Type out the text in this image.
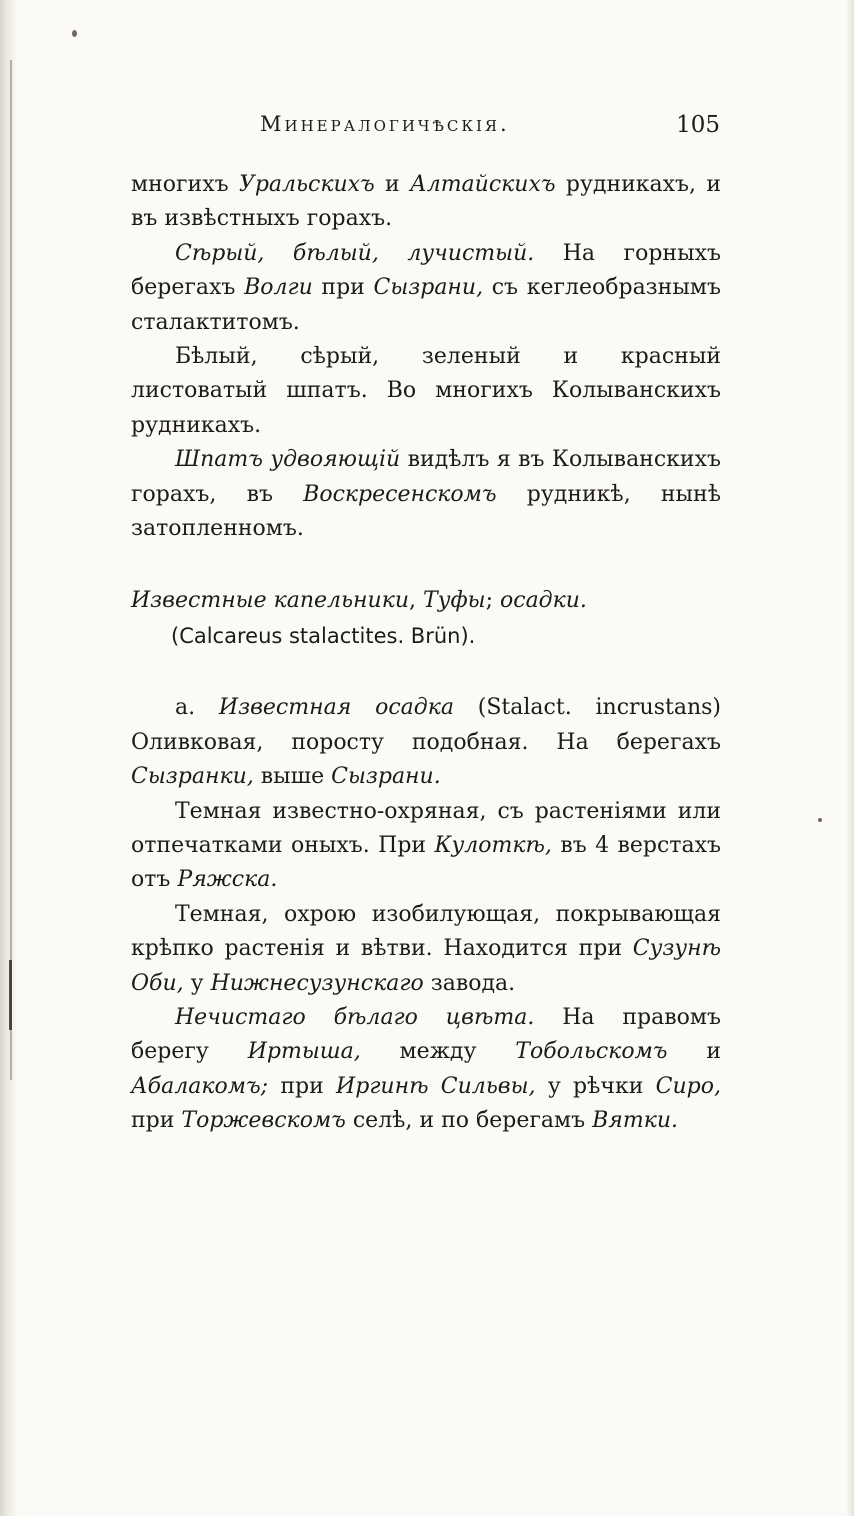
Минералогичѣскія.	105

многихъ Уральскихъ и Алтайскихъ рудникахъ, и въ извѣстныхъ горахъ.

Сѣрый, бѣлый, лучистый. На горныхъ берегахъ Волги при Сызрани, съ кеглеобразнымъ сталактитомъ.

Бѣлый, сѣрый, зеленый и красный листоватый шпатъ. Во многихъ Колыванскихъ рудникахъ.

Шпатъ удвояющій видѣлъ я въ Колыванскихъ горахъ, въ Воскресенскомъ рудникѣ, нынѣ затопленномъ.

Известные капельники, Туфы; осадки.

(Calcareus stalactites. Brün).

a. Известная осадка (Stalact. incrustans) Оливковая, поросту подобная. На берегахъ Сызранки, выше Сызрани.

Темная известно-охряная, съ растеніями или отпечатками оныхъ. При Кулоткѣ, въ 4 верстахъ отъ Ряжска.

Темная, охрою изобилующая, покрывающая крѣпко растенія и вѣтви. Находится при Сузунѣ Оби, у Нижнесузунскаго завода.

Нечистаго бѣлаго цвѣта. На правомъ берегу Иртыша, между Тобольскомъ и Абалакомъ; при Иргинѣ Сильвы, у рѣчки Сиро, при Торжевскомъ селѣ, и по берегамъ Вятки.
